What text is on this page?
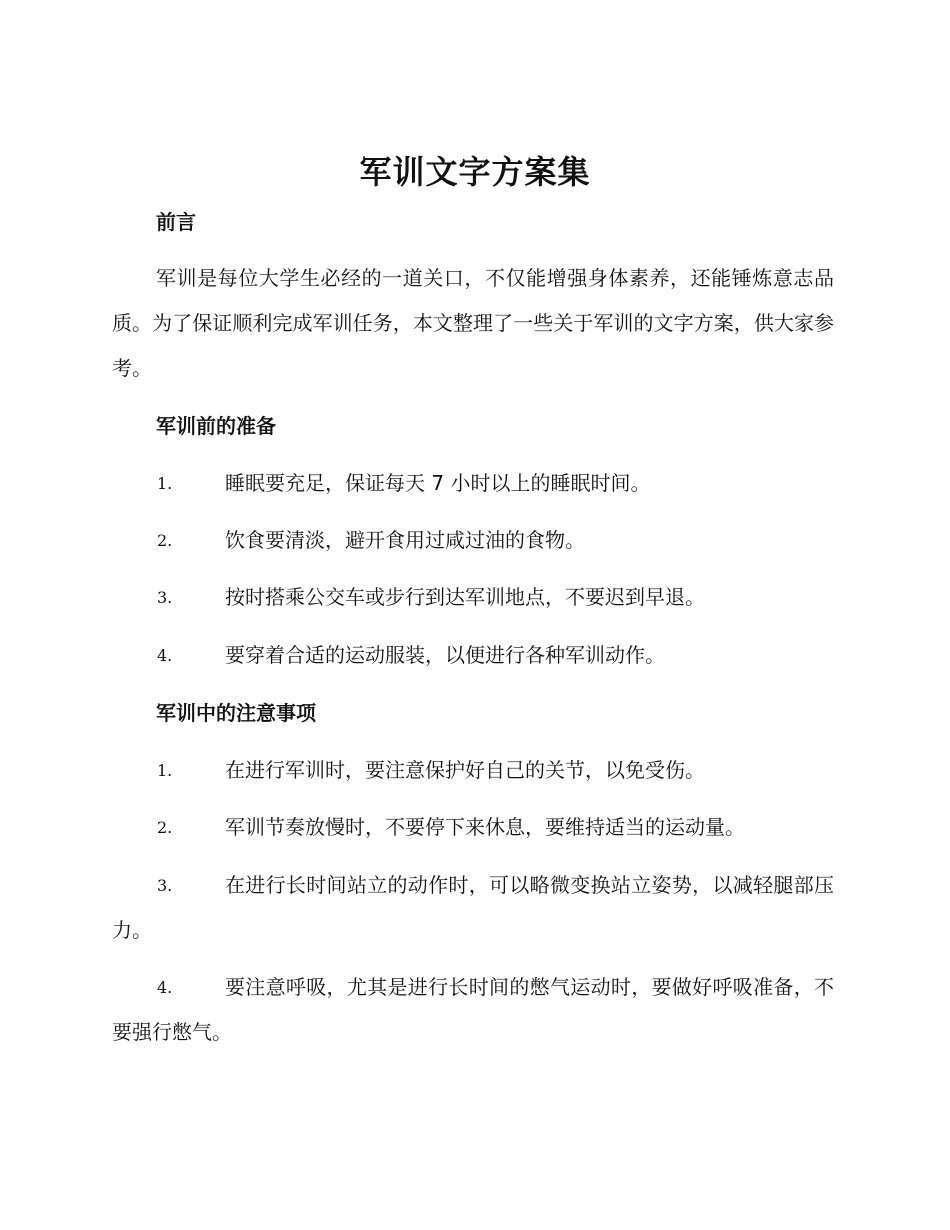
军训文字方案集
前言
军训是每位大学生必经的一道关口，不仅能增强身体素养，还能锤炼意志品质。为了保证顺利完成军训任务，本文整理了一些关于军训的文字方案，供大家参考。
军训前的准备
1.	睡眠要充足，保证每天 7 小时以上的睡眠时间。
2.	饮食要清淡，避开食用过咸过油的食物。
3.	按时搭乘公交车或步行到达军训地点，不要迟到早退。
4.	要穿着合适的运动服装，以便进行各种军训动作。
军训中的注意事项
1.	在进行军训时，要注意保护好自己的关节，以免受伤。
2.	军训节奏放慢时，不要停下来休息，要维持适当的运动量。
3.	在进行长时间站立的动作时，可以略微变换站立姿势，以减轻腿部压力。
4.	要注意呼吸，尤其是进行长时间的憋气运动时，要做好呼吸准备，不要强行憋气。
